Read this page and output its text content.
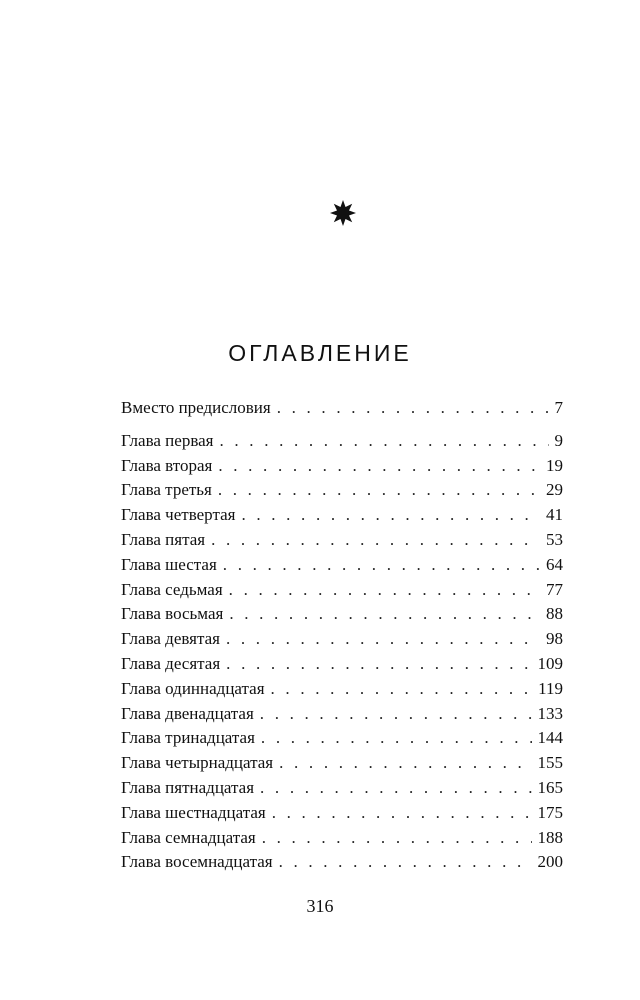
ОГЛАВЛЕНИЕ
Вместо предисловия . . .	7
Глава первая . . .	9
Глава вторая . . .	19
Глава третья . . .	29
Глава четвертая . . .	41
Глава пятая . . .	53
Глава шестая . . .	64
Глава седьмая . . .	77
Глава восьмая . . .	88
Глава девятая . . .	98
Глава десятая . . .	109
Глава одиннадцатая . . .	119
Глава двенадцатая . . .	133
Глава тринадцатая . . .	144
Глава четырнадцатая . . .	155
Глава пятнадцатая . . .	165
Глава шестнадцатая . . .	175
Глава семнадцатая . . .	188
Глава восемнадцатая . . .	200
316
